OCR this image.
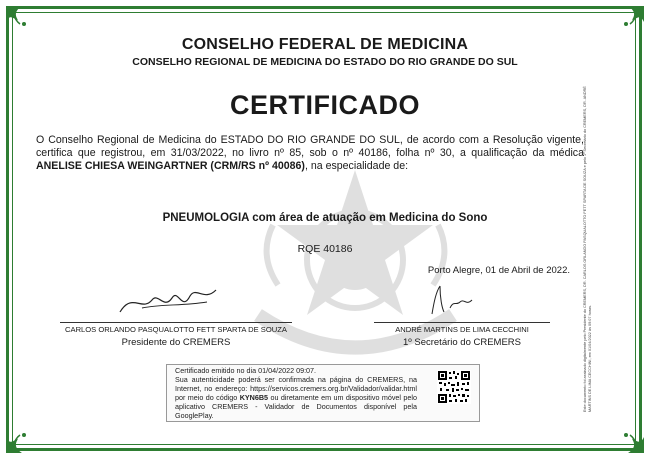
CONSELHO FEDERAL DE MEDICINA
CONSELHO REGIONAL DE MEDICINA DO ESTADO DO RIO GRANDE DO SUL
CERTIFICADO
O Conselho Regional de Medicina do ESTADO DO RIO GRANDE DO SUL, de acordo com a Resolução vigente, certifica que registrou, em 31/03/2022, no livro nº 85, sob o nº 40186, folha nº 30, a qualificação da médica ANELISE CHIESA WEINGARTNER (CRM/RS nº 40086), na especialidade de:
PNEUMOLOGIA com área de atuação em Medicina do Sono
RQE 40186
Porto Alegre, 01 de Abril de 2022.
CARLOS ORLANDO PASQUALOTTO FETT SPARTA DE SOUZA
Presidente do CREMERS
ANDRÉ MARTINS DE LIMA CECCHINI
1º Secretário do CREMERS
Certificado emitido no dia 01/04/2022 09:07.
Sua autenticidade poderá ser confirmada na página do CREMERS, na Internet, no endereço: https://servicos.cremers.org.br/Validador/validar.html por meio do código KYN6B5 ou diretamente em um dispositivo móvel pelo aplicativo CREMERS - Validador de Documentos disponível pela GooglePlay.
Este documento foi assinado digitalmente pelo Presidente do CREMERS, DR. CARLOS ORLANDO PASQUALOTTO FETT SPARTA DE SOUZA e pelo 1º Secretário do CREMERS, DR. ANDRÉ MARTINS DE LIMA CECCHINI, em 01/04/2022 às 09:07 horas.
